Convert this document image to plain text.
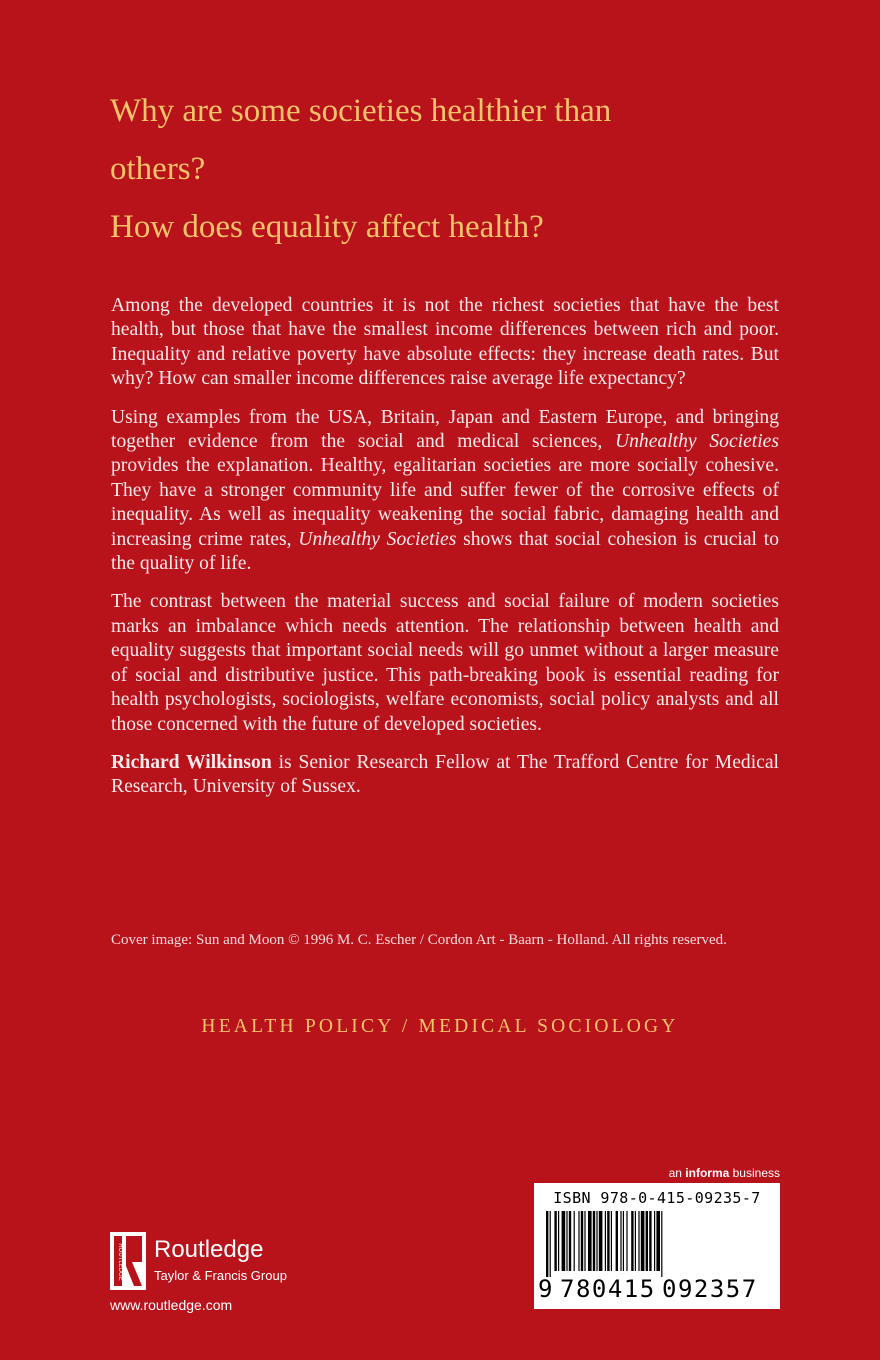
Why are some societies healthier than
others?
How does equality affect health?

Among the developed countries it is not the richest societies that have the best health, but those that have the smallest income differences between rich and poor. Inequality and relative poverty have absolute effects: they increase death rates. But why? How can smaller income differences raise average life expectancy?

Using examples from the USA, Britain, Japan and Eastern Europe, and bringing together evidence from the social and medical sciences, Unhealthy Societies provides the explanation. Healthy, egalitarian societies are more socially cohesive. They have a stronger community life and suffer fewer of the corrosive effects of inequality. As well as inequality weakening the social fabric, damaging health and increasing crime rates, Unhealthy Societies shows that social cohesion is crucial to the quality of life.

The contrast between the material success and social failure of modern societies marks an imbalance which needs attention. The relationship between health and equality suggests that important social needs will go unmet without a larger measure of social and distributive justice. This path-breaking book is essential reading for health psychologists, sociologists, welfare economists, social policy analysts and all those concerned with the future of developed societies.

Richard Wilkinson is Senior Research Fellow at The Trafford Centre for Medical Research, University of Sussex.

Cover image: Sun and Moon © 1996 M. C. Escher / Cordon Art - Baarn - Holland. All rights reserved.
HEALTH POLICY / MEDICAL SOCIOLOGY
an informa business
ISBN 978-0-415-09235-7
9 780415 092357
ROUTLEDGE Routledge
Taylor & Francis Group
www.routledge.com
